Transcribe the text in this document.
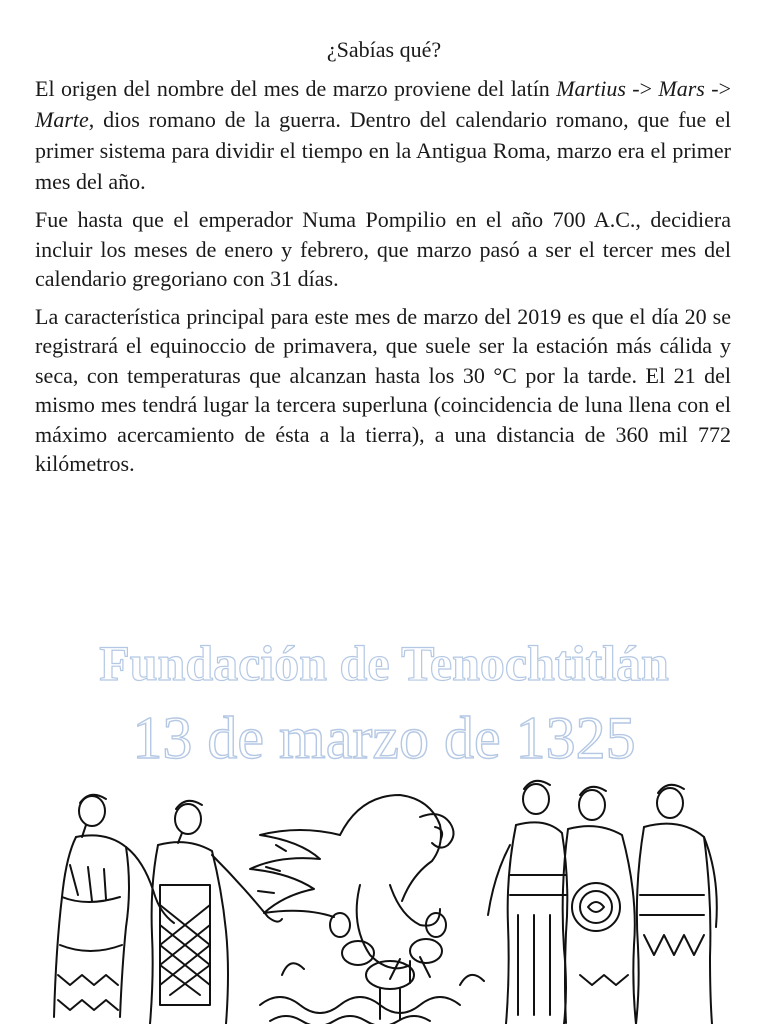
¿Sabías qué?

El origen del nombre del mes de marzo proviene del latín Martius -> Mars -> Marte, dios romano de la guerra. Dentro del calendario romano, que fue el primer sistema para dividir el tiempo en la Antigua Roma, marzo era el primer mes del año.

Fue hasta que el emperador Numa Pompilio en el año 700 A.C., decidiera incluir los meses de enero y febrero, que marzo pasó a ser el tercer mes del calendario gregoriano con 31 días.

La característica principal para este mes de marzo del 2019 es que el día 20 se registrará el equinoccio de primavera, que suele ser la estación más cálida y seca, con temperaturas que alcanzan hasta los 30 °C por la tarde. El 21 del mismo mes tendrá lugar la tercera superluna (coincidencia de luna llena con el máximo acercamiento de ésta a la tierra), a una distancia de 360 mil 772 kilómetros.

Fundación de Tenochtitlán
13 de marzo de 1325
